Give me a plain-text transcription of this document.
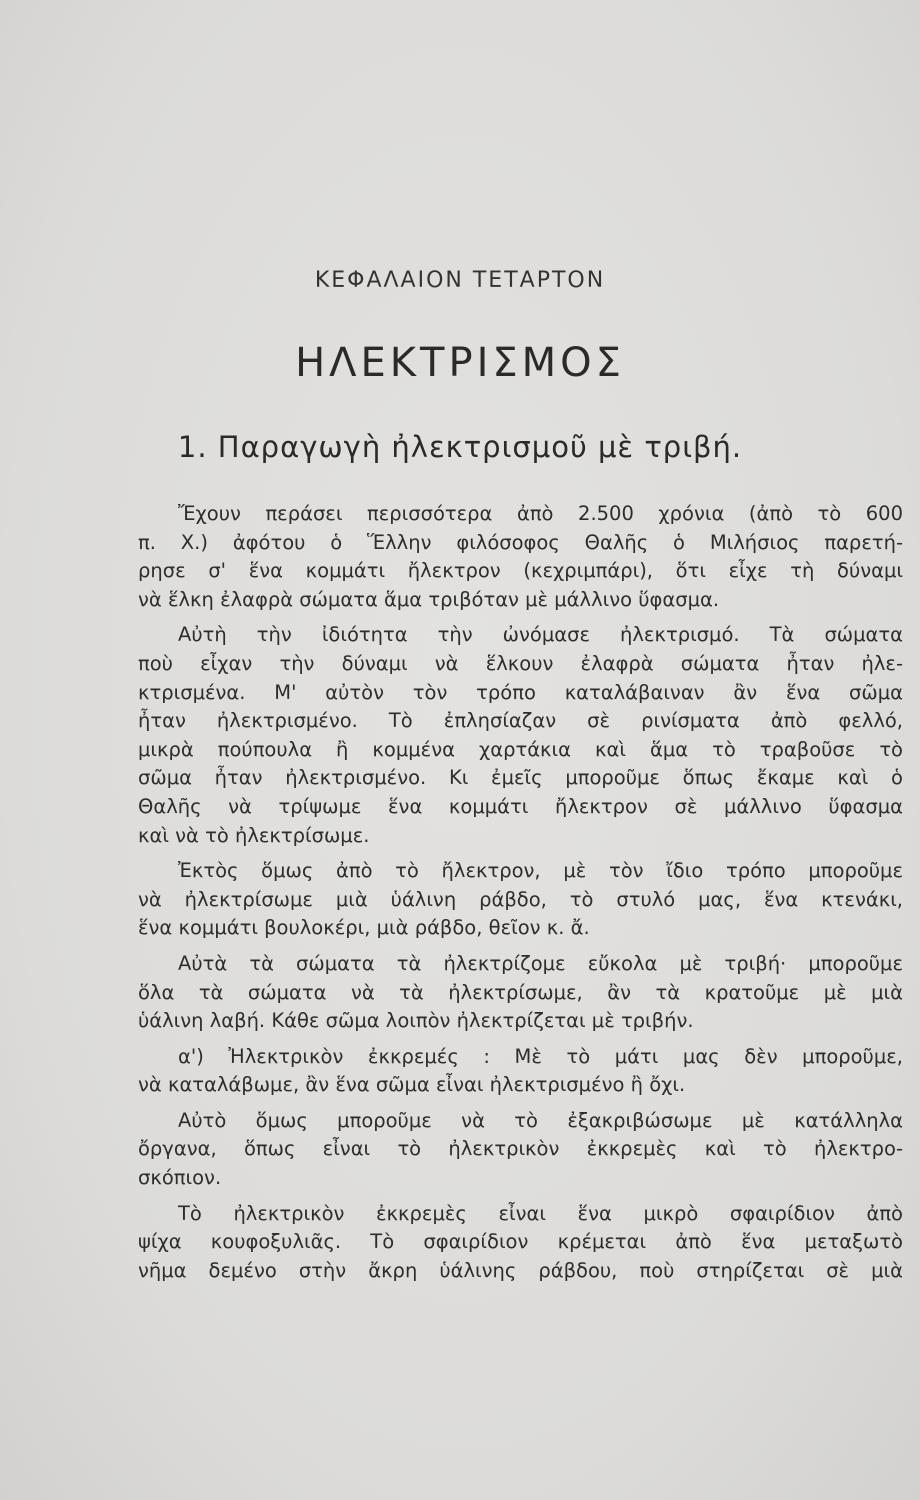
ΚΕΦΑΛΑΙΟΝ ΤΕΤΑΡΤΟΝ
ΗΛΕΚΤΡΙΣΜΟΣ
1. Παραγωγὴ ἠλεκτρισμοῦ μὲ τριβή.
Ἔχουν περάσει περισσότερα ἀπὸ 2.500 χρόνια (ἀπὸ τὸ 600
π. Χ.) ἀφότου ὁ Ἕλλην φιλόσοφος Θαλῆς ὁ Μιλήσιος παρετή-
ρησε σ' ἕνα κομμάτι ἤλεκτρον (κεχριμπάρι), ὅτι εἶχε τὴ δύναμι
νὰ ἕλκη ἐλαφρὰ σώματα ἅμα τριβόταν μὲ μάλλινο ὕφασμα.
Αὐτὴ τὴν ἰδιότητα τὴν ὠνόμασε ἠλεκτρισμό. Τὰ σώματα
ποὺ εἶχαν τὴν δύναμι νὰ ἕλκουν ἐλαφρὰ σώματα ἦταν ἠλε-
κτρισμένα. Μ' αὐτὸν τὸν τρόπο καταλάβαιναν ἂν ἕνα σῶμα
ἦταν ἠλεκτρισμένο. Τὸ ἐπλησίαζαν σὲ ρινίσματα ἀπὸ φελλό,
μικρὰ πούπουλα ἢ κομμένα χαρτάκια καὶ ἅμα τὸ τραβοῦσε τὸ
σῶμα ἦταν ἠλεκτρισμένο. Κι ἐμεῖς μποροῦμε ὅπως ἔκαμε καὶ ὁ
Θαλῆς νὰ τρίψωμε ἕνα κομμάτι ἤλεκτρον σὲ μάλλινο ὕφασμα
καὶ νὰ τὸ ἠλεκτρίσωμε.
Ἐκτὸς ὅμως ἀπὸ τὸ ἤλεκτρον, μὲ τὸν ἴδιο τρόπο μποροῦμε
νὰ ἠλεκτρίσωμε μιὰ ὑάλινη ράβδο, τὸ στυλό μας, ἕνα κτενάκι,
ἕνα κομμάτι βουλοκέρι, μιὰ ράβδο, θεῖον κ. ἄ.
Αὐτὰ τὰ σώματα τὰ ἠλεκτρίζομε εὔκολα μὲ τριβή· μποροῦμε
ὅλα τὰ σώματα νὰ τὰ ἠλεκτρίσωμε, ἂν τὰ κρατοῦμε μὲ μιὰ
ὑάλινη λαβή. Κάθε σῶμα λοιπὸν ἠλεκτρίζεται μὲ τριβήν.
α') Ἠλεκτρικὸν ἐκκρεμές : Μὲ τὸ μάτι μας δὲν μποροῦμε,
νὰ καταλάβωμε, ἂν ἕνα σῶμα εἶναι ἠλεκτρισμένο ἢ ὄχι.
Αὐτὸ ὅμως μποροῦμε νὰ τὸ ἐξακριβώσωμε μὲ κατάλληλα
ὄργανα, ὅπως εἶναι τὸ ἠλεκτρικὸν ἐκκρεμὲς καὶ τὸ ἠλεκτρο-
σκόπιον.
Τὸ ἠλεκτρικὸν ἐκκρεμὲς εἶναι ἕνα μικρὸ σφαιρίδιον ἀπὸ
ψίχα κουφοξυλιᾶς. Τὸ σφαιρίδιον κρέμεται ἀπὸ ἕνα μεταξωτὸ
νῆμα δεμένο στὴν ἄκρη ὑάλινης ράβδου, ποὺ στηρίζεται σὲ μιὰ
